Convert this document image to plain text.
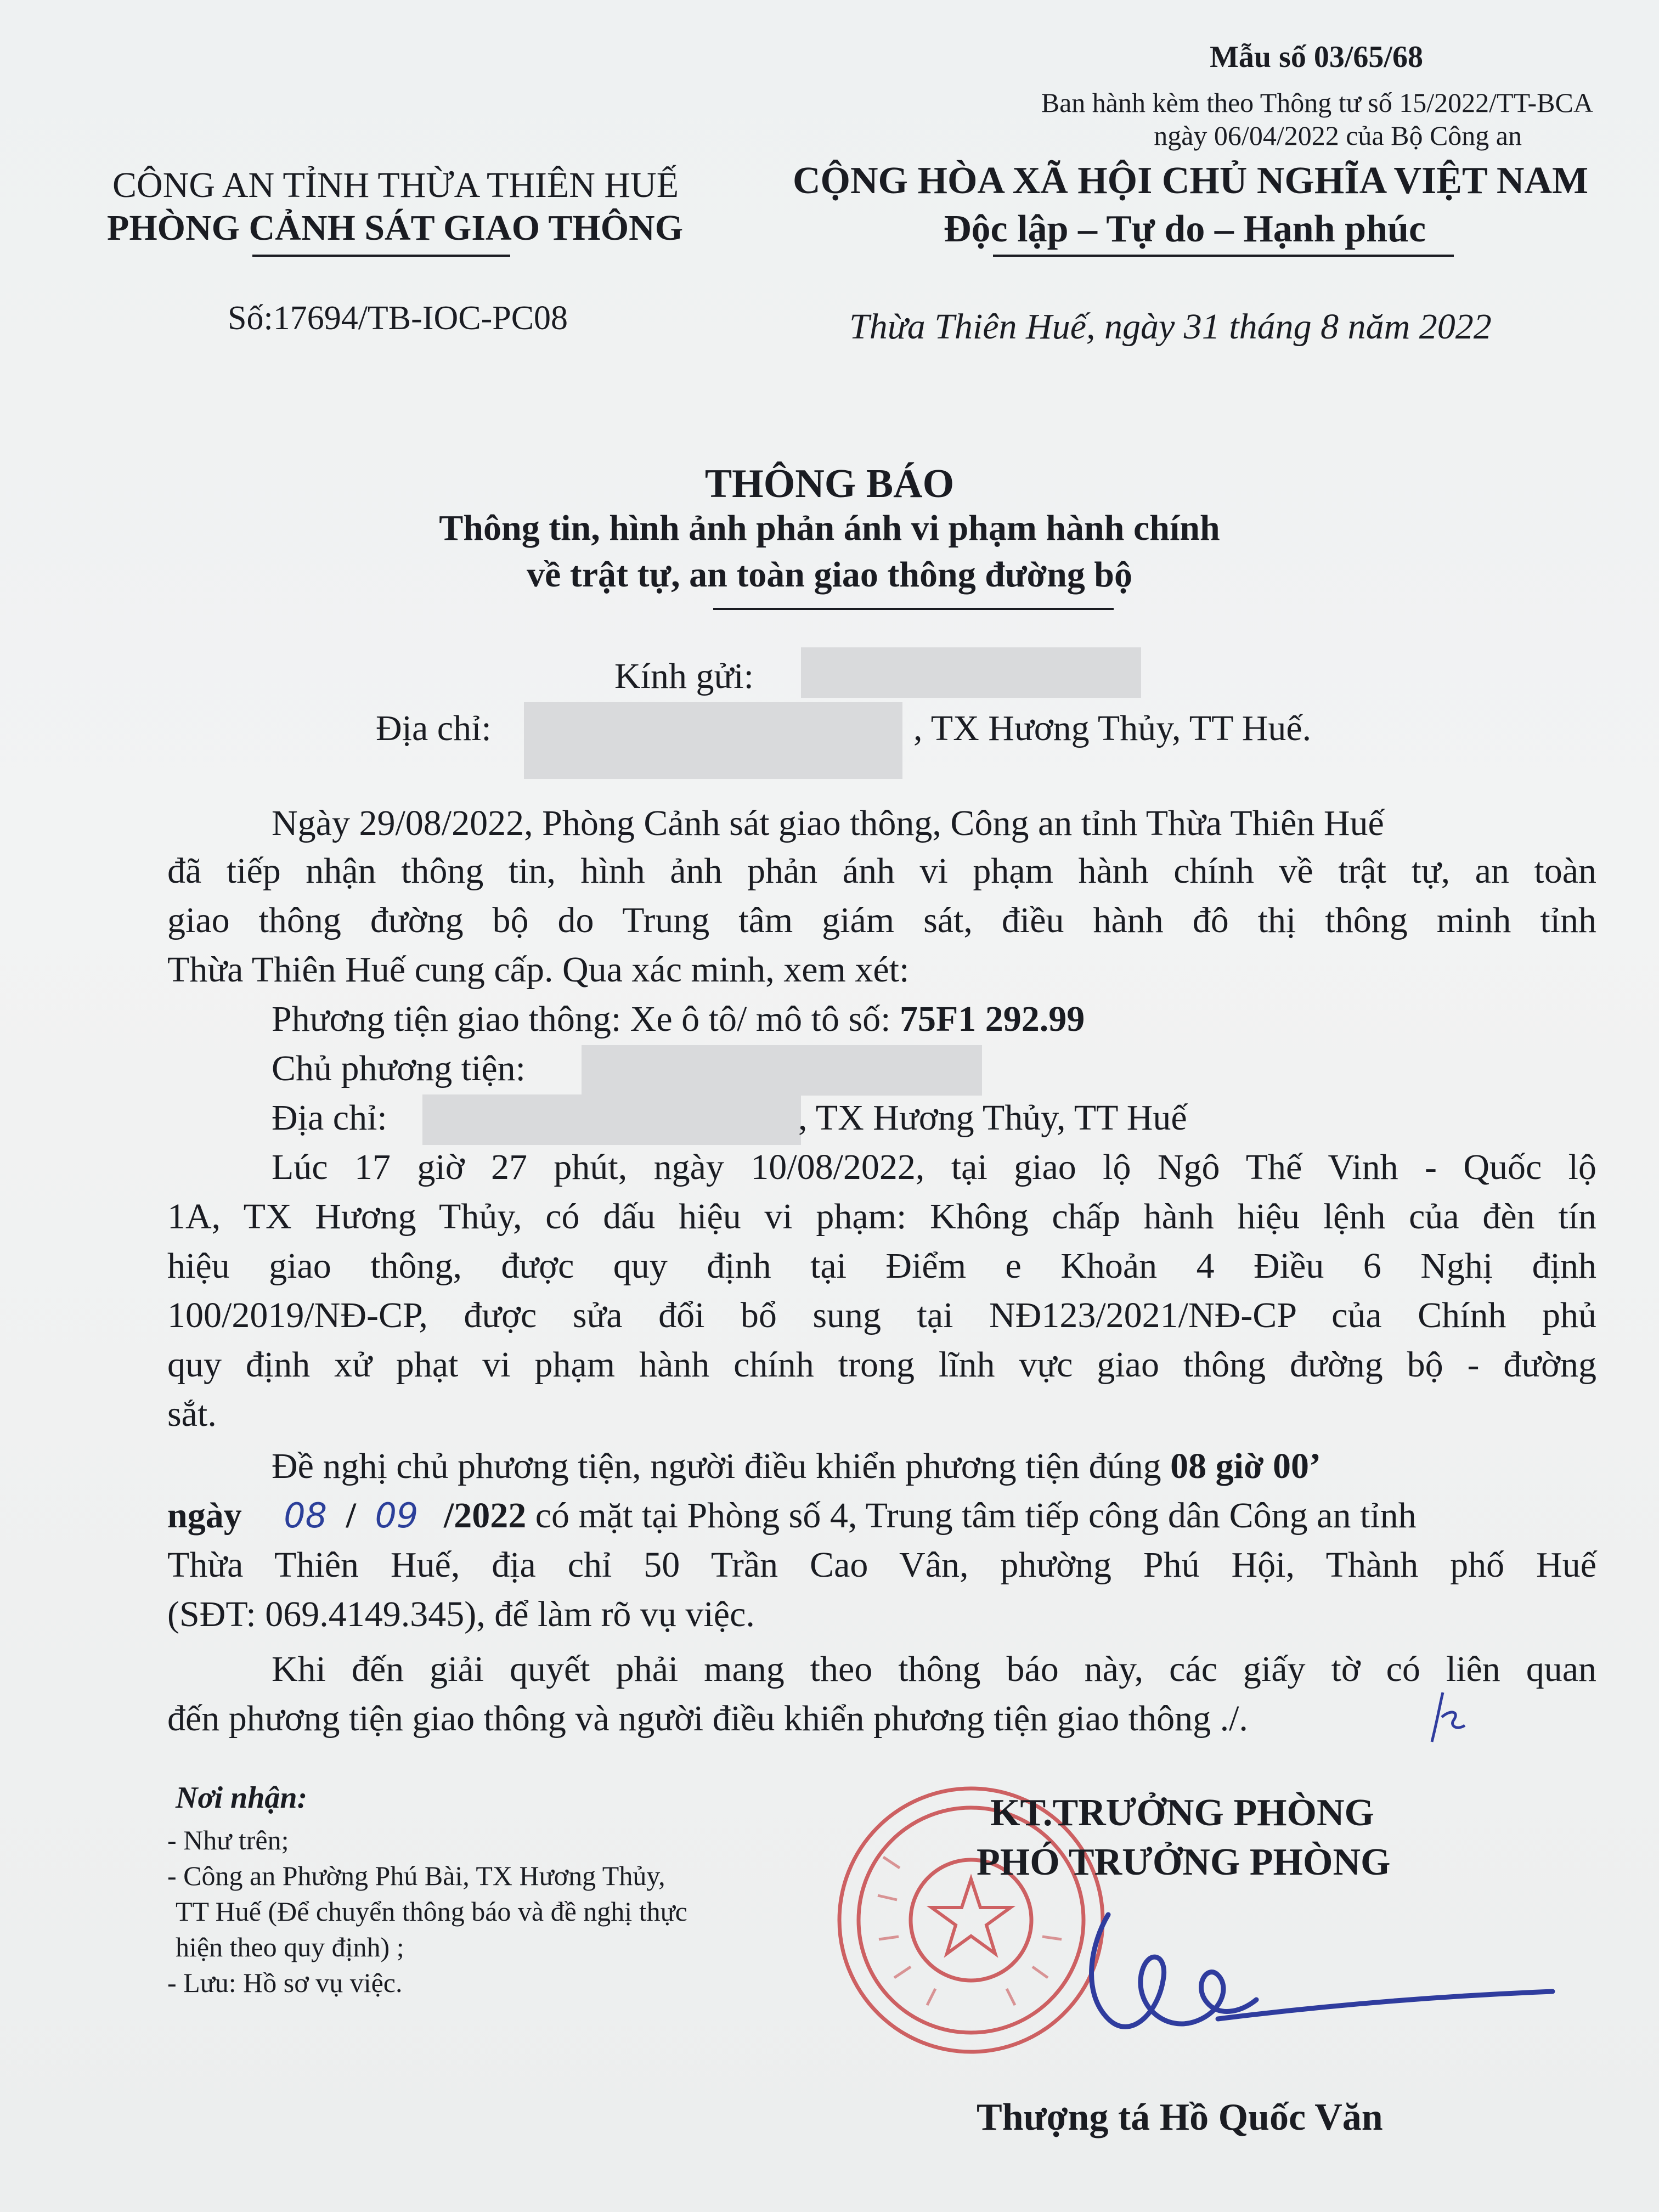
Mẫu số 03/65/68
Ban hành kèm theo Thông tư số 15/2022/TT-BCA
ngày 06/04/2022 của Bộ Công an
CÔNG AN TỈNH THỪA THIÊN HUẾ
PHÒNG CẢNH SÁT GIAO THÔNG
Số:17694/TB-IOC-PC08
CỘNG HÒA XÃ HỘI CHỦ NGHĨA VIỆT NAM
Độc lập – Tự do – Hạnh phúc
Thừa Thiên Huế, ngày 31 tháng 8 năm 2022
THÔNG BÁO
Thông tin, hình ảnh phản ánh vi phạm hành chính
về trật tự, an toàn giao thông đường bộ
Kính gửi:
Địa chỉ:	, TX Hương Thủy, TT Huế.
Ngày 29/08/2022, Phòng Cảnh sát giao thông, Công an tỉnh Thừa Thiên Huế
đã tiếp nhận thông tin, hình ảnh phản ánh vi phạm hành chính về trật tự, an toàn
giao thông đường bộ do Trung tâm giám sát, điều hành đô thị thông minh tỉnh
Thừa Thiên Huế cung cấp. Qua xác minh, xem xét:
Phương tiện giao thông: Xe ô tô/ mô tô số: 75F1 292.99
Chủ phương tiện:
Địa chỉ:	, TX Hương Thủy, TT Huế
Lúc 17 giờ 27 phút, ngày 10/08/2022, tại giao lộ Ngô Thế Vinh - Quốc lộ
1A, TX Hương Thủy, có dấu hiệu vi phạm: Không chấp hành hiệu lệnh của đèn tín
hiệu giao thông, được quy định tại Điểm e Khoản 4 Điều 6 Nghị định
100/2019/NĐ-CP, được sửa đổi bổ sung tại NĐ123/2021/NĐ-CP của Chính phủ
quy định xử phạt vi phạm hành chính trong lĩnh vực giao thông đường bộ - đường
sắt.
Đề nghị chủ phương tiện, người điều khiển phương tiện đúng 08 giờ 00’
ngày 08 / 09 /2022 có mặt tại Phòng số 4, Trung tâm tiếp công dân Công an tỉnh
Thừa Thiên Huế, địa chỉ 50 Trần Cao Vân, phường Phú Hội, Thành phố Huế
(SĐT: 069.4149.345), để làm rõ vụ việc.
Khi đến giải quyết phải mang theo thông báo này, các giấy tờ có liên quan
đến phương tiện giao thông và người điều khiển phương tiện giao thông ./.
Nơi nhận:
- Như trên;
- Công an Phường Phú Bài, TX Hương Thủy,
TT Huế (Để chuyển thông báo và đề nghị thực
hiện theo quy định) ;
- Lưu: Hồ sơ vụ việc.
KT.TRƯỞNG PHÒNG
PHÓ TRƯỞNG PHÒNG
Thượng tá Hồ Quốc Văn
